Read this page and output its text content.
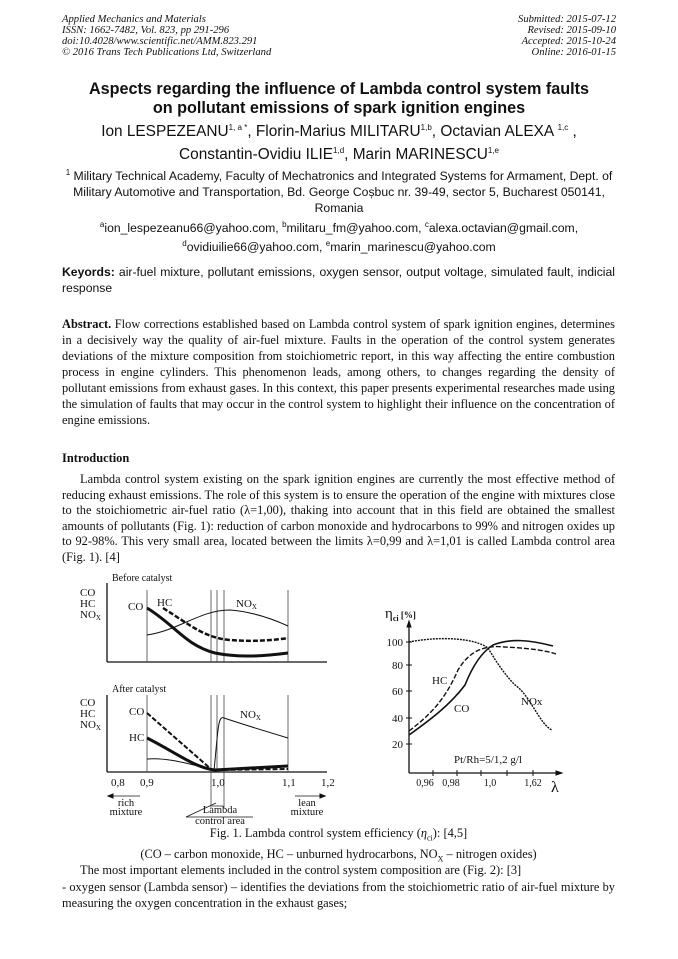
Applied Mechanics and Materials
ISSN: 1662-7482, Vol. 823, pp 291-296
doi:10.4028/www.scientific.net/AMM.823.291
© 2016 Trans Tech Publications Ltd, Switzerland
Submitted: 2015-07-12
Revised: 2015-09-10
Accepted: 2015-10-24
Online: 2016-01-15
Aspects regarding the influence of Lambda control system faults
on pollutant emissions of spark ignition engines
Ion $LESPEZEANU^{1, a *}$, Florin-Marius MILITARU$^{1,b}$, Octavian ALEXA $^{1,c}$ ,
Constantin-Ovidiu ILIE$^{1,d}$, Marin MARINESCU$^{1,e}$
$^1$ Military Technical Academy, Faculty of Mechatronics and Integrated Systems for Armament, Dept. of Military Automotive and Transportation, Bd. George Coșbuc nr. 39-49, sector 5, Bucharest 050141, Romania
$^a$ion_lespezeanu66@yahoo.com, $^b$militaru_fm@yahoo.com, $^c$alexa.octavian@gmail.com,
$^d$ovidiuilie66@yahoo.com, $^e$marin_marinescu@yahoo.com
Keyords: air-fuel mixture, pollutant emissions, oxygen sensor, output voltage, simulated fault, indicial response
Abstract. Flow corrections established based on Lambda control system of spark ignition engines, determines in a decisively way the quality of air-fuel mixture. Faults in the operation of the control system generates deviations of the mixture composition from stoichiometric report, in this way affecting the entire combustion process in engine cylinders. This phenomenon leads, among others, to changes regarding the density of pollutant emissions from exhaust gases. In this context, this paper presents experimental researches made using the simulation of faults that may occur in the control system to highlight their influence on the concentration of engine emissions.
Introduction
Lambda control system existing on the spark ignition engines are currently the most effective method of reducing exhaust emissions. The role of this system is to ensure the operation of the engine with mixtures close to the stoichiometric air-fuel ratio (λ=1,00), thaking into account that in this field are obtained the smallest amounts of pollutants (Fig. 1): reduction of carbon monoxide and hydrocarbons to 99% and nitrogen oxides up to 92-98%. This very small area, located between the limits λ=0,99 and λ=1,01 is called Lambda control area (Fig. 1). [4]
Before catalyst
After catalyst
CO
HC
NOX
CO
HC
NOX
CO HC	NOX
CO
HC
NOX
0,8 0,9	1,0	1,1 1,2
rich
mixture
lean
mixture
Lambda
control area
$\eta_{ci}$ [%]
100
80
60
40
20
0,96 0,98 1,0	1,62 λ
HC
CO
NOx
Pt/Rh=5/1,2 g/l
Fig. 1. Lambda control system efficiency $(\eta_{ci})$: [4,5]
(CO – carbon monoxide, HC – unburned hydrocarbons, $NO_X$ – nitrogen oxides)
The most important elements included in the control system composition are (Fig. 2): [3]
- oxygen sensor (Lambda sensor) – identifies the deviations from the stoichiometric ratio of air-fuel mixture by measuring the oxygen concentration in the exhaust gases;
